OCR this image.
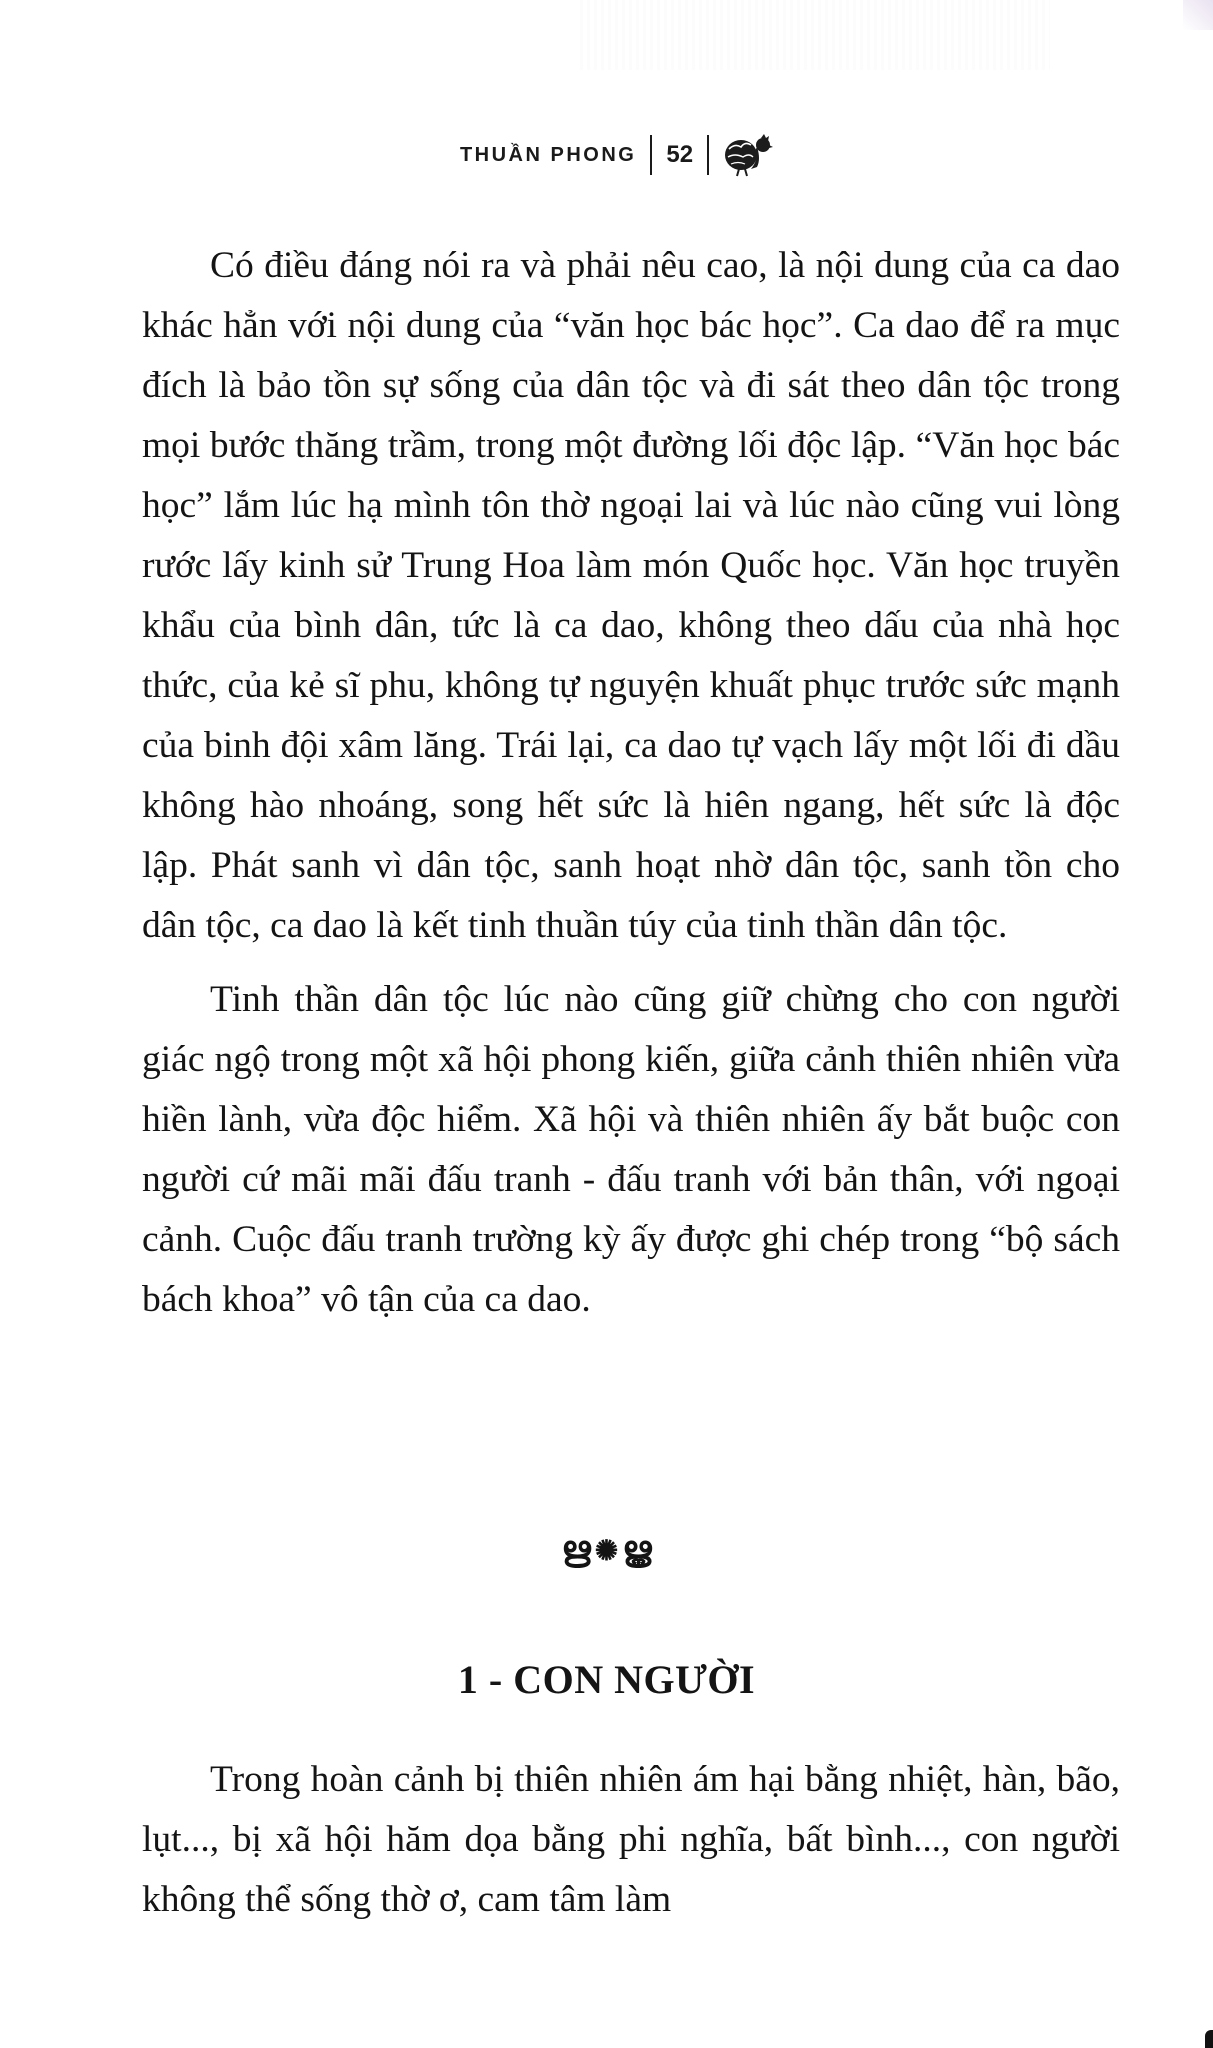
THUẦN PHONG 52

Có điều đáng nói ra và phải nêu cao, là nội dung của ca dao khác hẳn với nội dung của “văn học bác học”. Ca dao để ra mục đích là bảo tồn sự sống của dân tộc và đi sát theo dân tộc trong mọi bước thăng trầm, trong một đường lối độc lập. “Văn học bác học” lắm lúc hạ mình tôn thờ ngoại lai và lúc nào cũng vui lòng rước lấy kinh sử Trung Hoa làm món Quốc học. Văn học truyền khẩu của bình dân, tức là ca dao, không theo dấu của nhà học thức, của kẻ sĩ phu, không tự nguyện khuất phục trước sức mạnh của binh đội xâm lăng. Trái lại, ca dao tự vạch lấy một lối đi dầu không hào nhoáng, song hết sức là hiên ngang, hết sức là độc lập. Phát sanh vì dân tộc, sanh hoạt nhờ dân tộc, sanh tồn cho dân tộc, ca dao là kết tinh thuần túy của tinh thần dân tộc.

Tinh thần dân tộc lúc nào cũng giữ chừng cho con người giác ngộ trong một xã hội phong kiến, giữa cảnh thiên nhiên vừa hiền lành, vừa độc hiểm. Xã hội và thiên nhiên ấy bắt buộc con người cứ mãi mãi đấu tranh - đấu tranh với bản thân, với ngoại cảnh. Cuộc đấu tranh trường kỳ ấy được ghi chép trong “bộ sách bách khoa” vô tận của ca dao.

ഋ ✺ ൠ
1 - CON NGƯỜI

Trong hoàn cảnh bị thiên nhiên ám hại bằng nhiệt, hàn, bão, lụt..., bị xã hội hăm dọa bằng phi nghĩa, bất bình..., con người không thể sống thờ ơ, cam tâm làm
